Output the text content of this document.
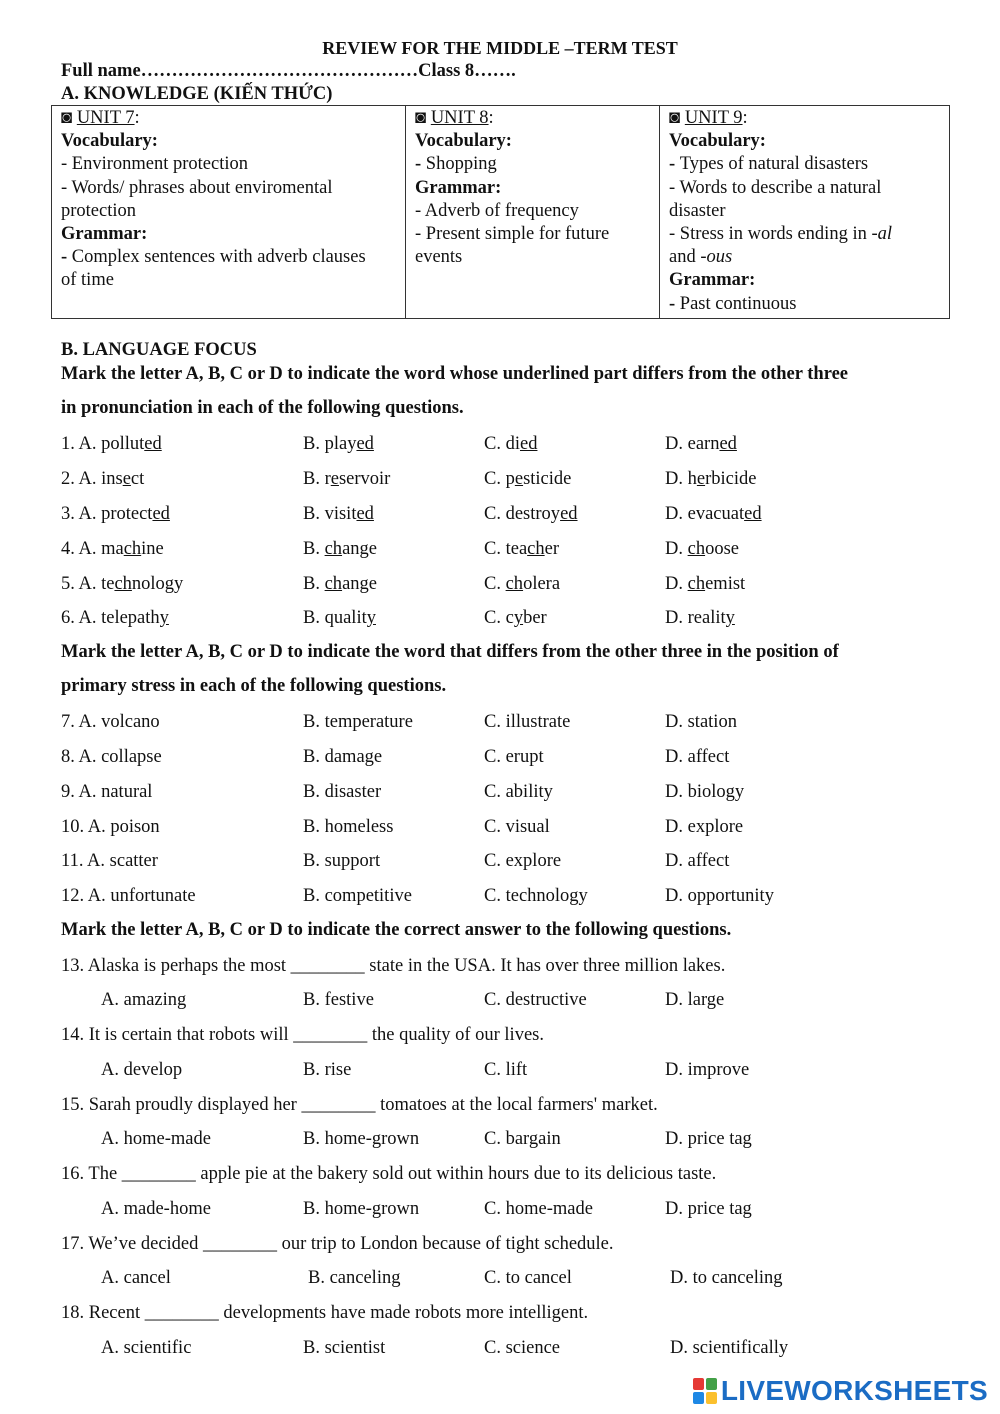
REVIEW FOR THE MIDDLE –TERM TEST
Full name………………………………………Class 8…….
A. KNOWLEDGE (KIẾN THỨC)
◙ UNIT 7:
Vocabulary:
- Environment protection
- Words/ phrases about enviromental
protection
Grammar:
- Complex sentences with adverb clauses
of time

◙ UNIT 8:
Vocabulary:
- Shopping
Grammar:
- Adverb of frequency
- Present simple for future
events

◙ UNIT 9:
Vocabulary:
- Types of natural disasters
- Words to describe a natural
disaster
- Stress in words ending in -al
and -ous
Grammar:
- Past continuous
B. LANGUAGE FOCUS
Mark the letter A, B, C or D to indicate the word whose underlined part differs from the other three
in pronunciation in each of the following questions.
1. A. polluted	B. played	C. died	D. earned
2. A. insect	B. reservoir	C. pesticide	D. herbicide
3. A. protected	B. visited	C. destroyed	D. evacuated
4. A. machine	B. change	C. teacher	D. choose
5. A. technology	B. change	C. cholera	D. chemist
6. A. telepathy	B. quality	C. cyber	D. reality
Mark the letter A, B, C or D to indicate the word that differs from the other three in the position of
primary stress in each of the following questions.
7. A. volcano	B. temperature	C. illustrate	D. station
8. A. collapse	B. damage	C. erupt	D. affect
9. A. natural	B. disaster	C. ability	D. biology
10. A. poison	B. homeless	C. visual	D. explore
11. A. scatter	B. support	C. explore	D. affect
12. A. unfortunate	B. competitive	C. technology	D. opportunity
Mark the letter A, B, C or D to indicate the correct answer to the following questions.
13. Alaska is perhaps the most ________ state in the USA. It has over three million lakes.
A. amazing	B. festive	C. destructive	D. large
14. It is certain that robots will ________ the quality of our lives.
A. develop	B. rise	C. lift	D. improve
15. Sarah proudly displayed her ________ tomatoes at the local farmers' market.
A. home-made	B. home-grown	C. bargain	D. price tag
16. The ________ apple pie at the bakery sold out within hours due to its delicious taste.
A. made-home	B. home-grown	C. home-made	D. price tag
17. We’ve decided ________ our trip to London because of tight schedule.
A. cancel	B. canceling	C. to cancel	D. to canceling
18. Recent ________ developments have made robots more intelligent.
A. scientific	B. scientist	C. science	D. scientifically
LIVEWORKSHEETS
